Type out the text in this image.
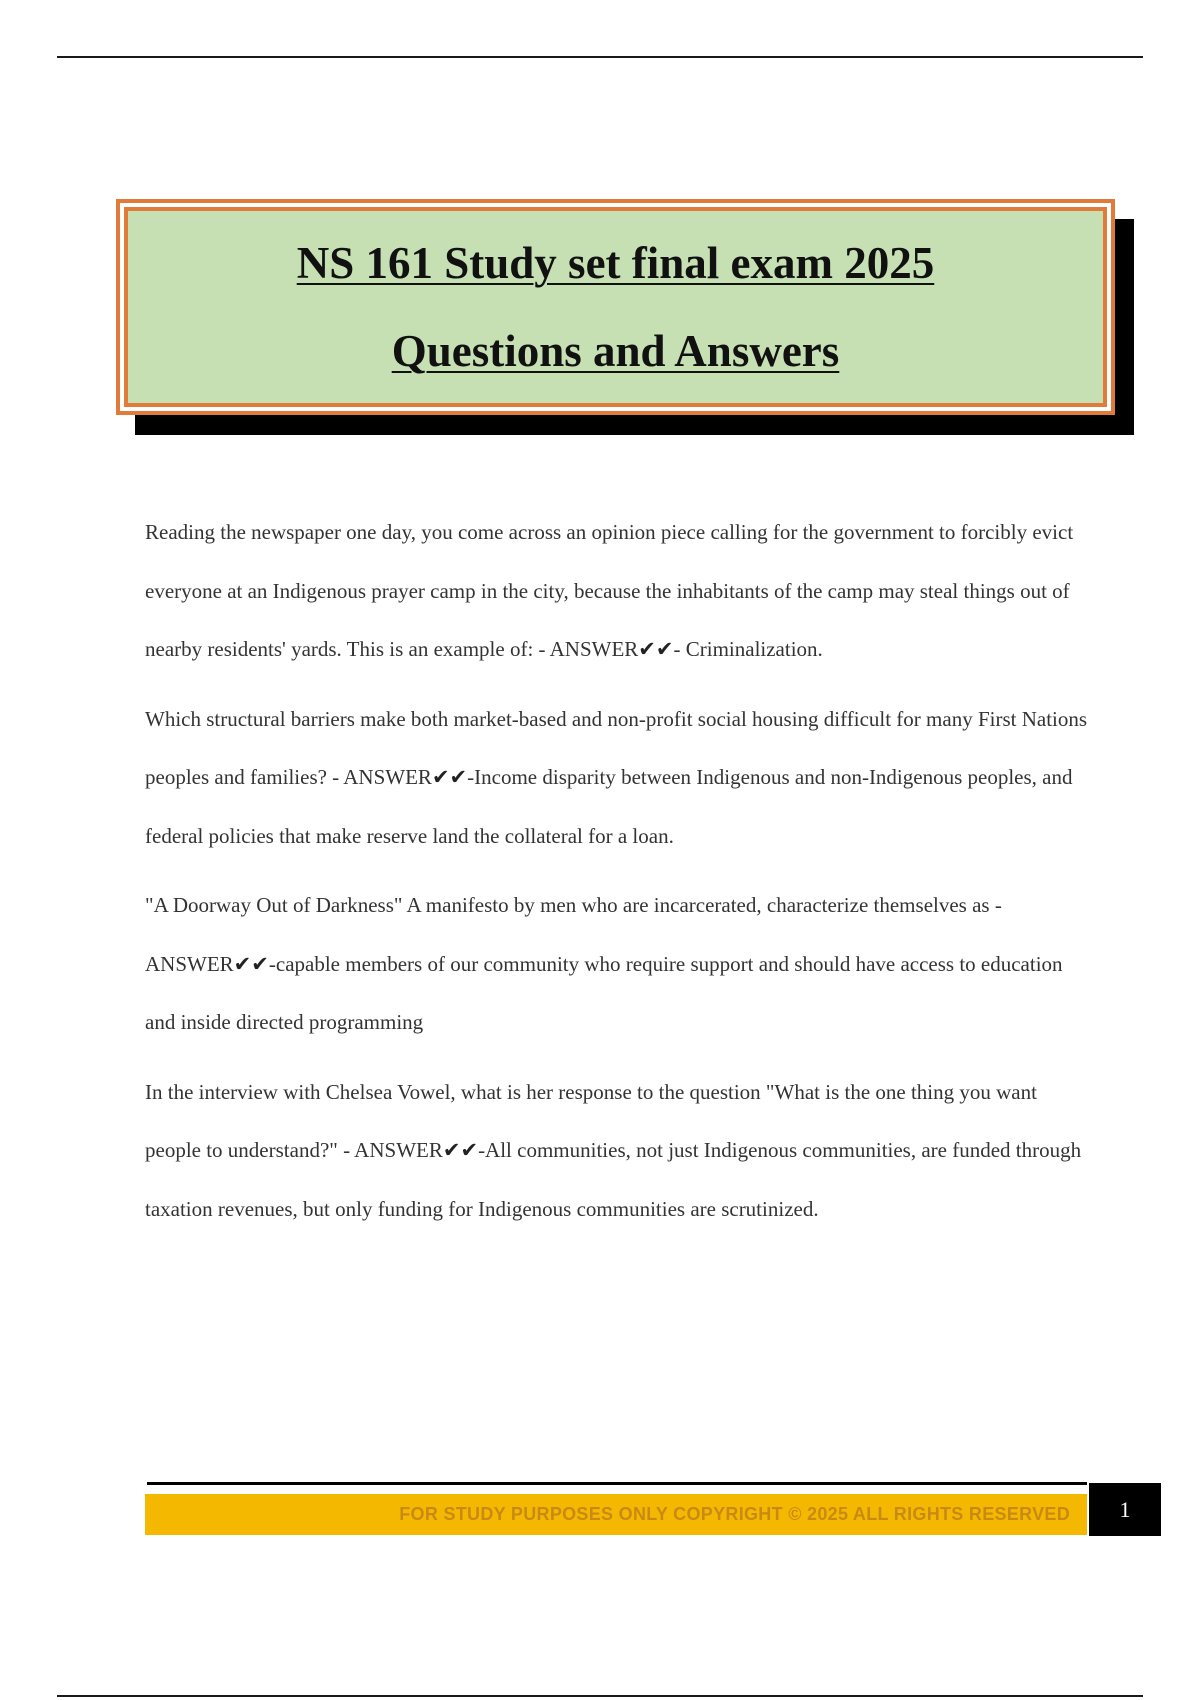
NS 161 Study set final exam 2025
Questions and Answers

Reading the newspaper one day, you come across an opinion piece calling for the government to forcibly evict everyone at an Indigenous prayer camp in the city, because the inhabitants of the camp may steal things out of nearby residents' yards. This is an example of: - ANSWER✔✔- Criminalization.

Which structural barriers make both market-based and non-profit social housing difficult for many First Nations peoples and families? - ANSWER✔✔-Income disparity between Indigenous and non-Indigenous peoples, and federal policies that make reserve land the collateral for a loan.

"A Doorway Out of Darkness" A manifesto by men who are incarcerated, characterize themselves as - ANSWER✔✔-capable members of our community who require support and should have access to education and inside directed programming

In the interview with Chelsea Vowel, what is her response to the question "What is the one thing you want people to understand?" - ANSWER✔✔-All communities, not just Indigenous communities, are funded through taxation revenues, but only funding for Indigenous communities are scrutinized.

FOR STUDY PURPOSES ONLY COPYRIGHT © 2025 ALL RIGHTS RESERVED	1
